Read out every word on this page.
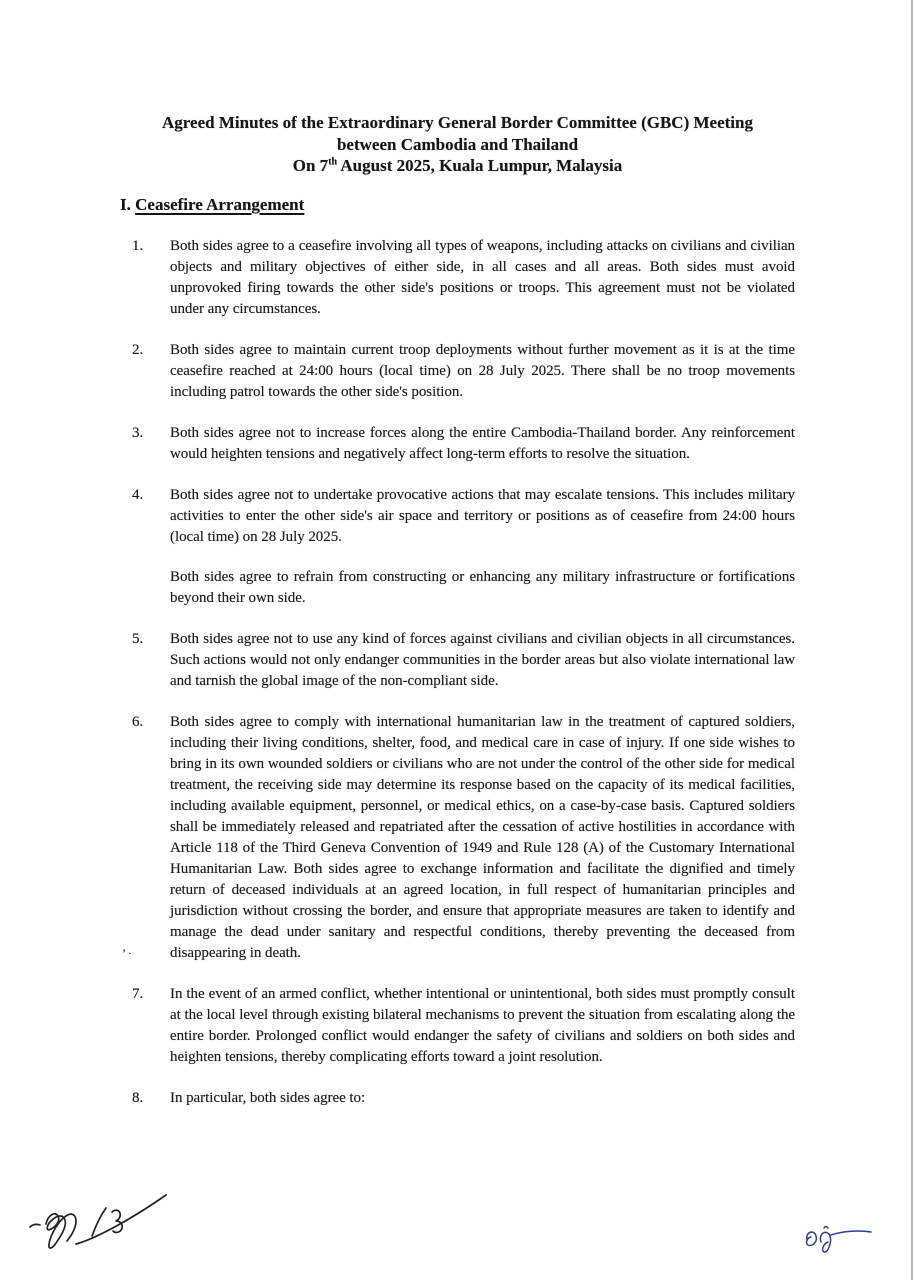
Agreed Minutes of the Extraordinary General Border Committee (GBC) Meeting
between Cambodia and Thailand
On 7th August 2025, Kuala Lumpur, Malaysia
I. Ceasefire Arrangement
1.	Both sides agree to a ceasefire involving all types of weapons, including attacks on civilians and civilian objects and military objectives of either side, in all cases and all areas. Both sides must avoid unprovoked firing towards the other side's positions or troops. This agreement must not be violated under any circumstances.

2.	Both sides agree to maintain current troop deployments without further movement as it is at the time ceasefire reached at 24:00 hours (local time) on 28 July 2025. There shall be no troop movements including patrol towards the other side's position.

3.	Both sides agree not to increase forces along the entire Cambodia-Thailand border. Any reinforcement would heighten tensions and negatively affect long-term efforts to resolve the situation.

4.	Both sides agree not to undertake provocative actions that may escalate tensions. This includes military activities to enter the other side's air space and territory or positions as of ceasefire from 24:00 hours (local time) on 28 July 2025.

Both sides agree to refrain from constructing or enhancing any military infrastructure or fortifications beyond their own side.

5.	Both sides agree not to use any kind of forces against civilians and civilian objects in all circumstances. Such actions would not only endanger communities in the border areas but also violate international law and tarnish the global image of the non-compliant side.

6.	Both sides agree to comply with international humanitarian law in the treatment of captured soldiers, including their living conditions, shelter, food, and medical care in case of injury. If one side wishes to bring in its own wounded soldiers or civilians who are not under the control of the other side for medical treatment, the receiving side may determine its response based on the capacity of its medical facilities, including available equipment, personnel, or medical ethics, on a case-by-case basis. Captured soldiers shall be immediately released and repatriated after the cessation of active hostilities in accordance with Article 118 of the Third Geneva Convention of 1949 and Rule 128 (A) of the Customary International Humanitarian Law. Both sides agree to exchange information and facilitate the dignified and timely return of deceased individuals at an agreed location, in full respect of humanitarian principles and jurisdiction without crossing the border, and ensure that appropriate measures are taken to identify and manage the dead under sanitary and respectful conditions, thereby preventing the deceased from disappearing in death.

7.	In the event of an armed conflict, whether intentional or unintentional, both sides must promptly consult at the local level through existing bilateral mechanisms to prevent the situation from escalating along the entire border. Prolonged conflict would endanger the safety of civilians and soldiers on both sides and heighten tensions, thereby complicating efforts toward a joint resolution.

8.	In particular, both sides agree to:

’·
